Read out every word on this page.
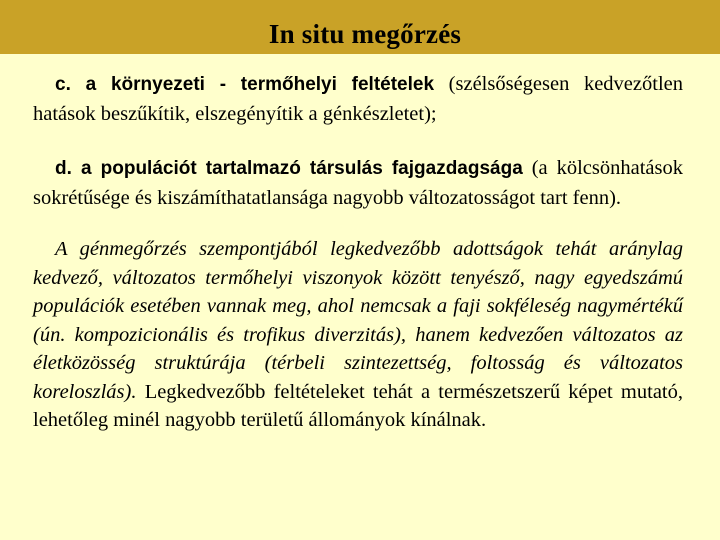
In situ megőrzés

c. a környezeti - termőhelyi feltételek (szélsőségesen kedvezőtlen hatások beszűkítik, elszegényítik a génkészletet);

d. a populációt tartalmazó társulás fajgazdagsága (a kölcsönhatások sokrétűsége és kiszámíthatatlansága nagyobb változatosságot tart fenn).

A génmegőrzés szempontjából legkedvezőbb adottságok tehát aránylag kedvező, változatos termőhelyi viszonyok között tenyésző, nagy egyedszámú populációk esetében vannak meg, ahol nemcsak a faji sokféleség nagymértékű (ún. kompozicionális és trofikus diverzitás), hanem kedvezően változatos az életközösség struktúrája (térbeli szintezettség, foltosság és változatos koreloszlás). Legkedvezőbb feltételeket tehát a természetszerű képet mutató, lehetőleg minél nagyobb területű állományok kínálnak.
